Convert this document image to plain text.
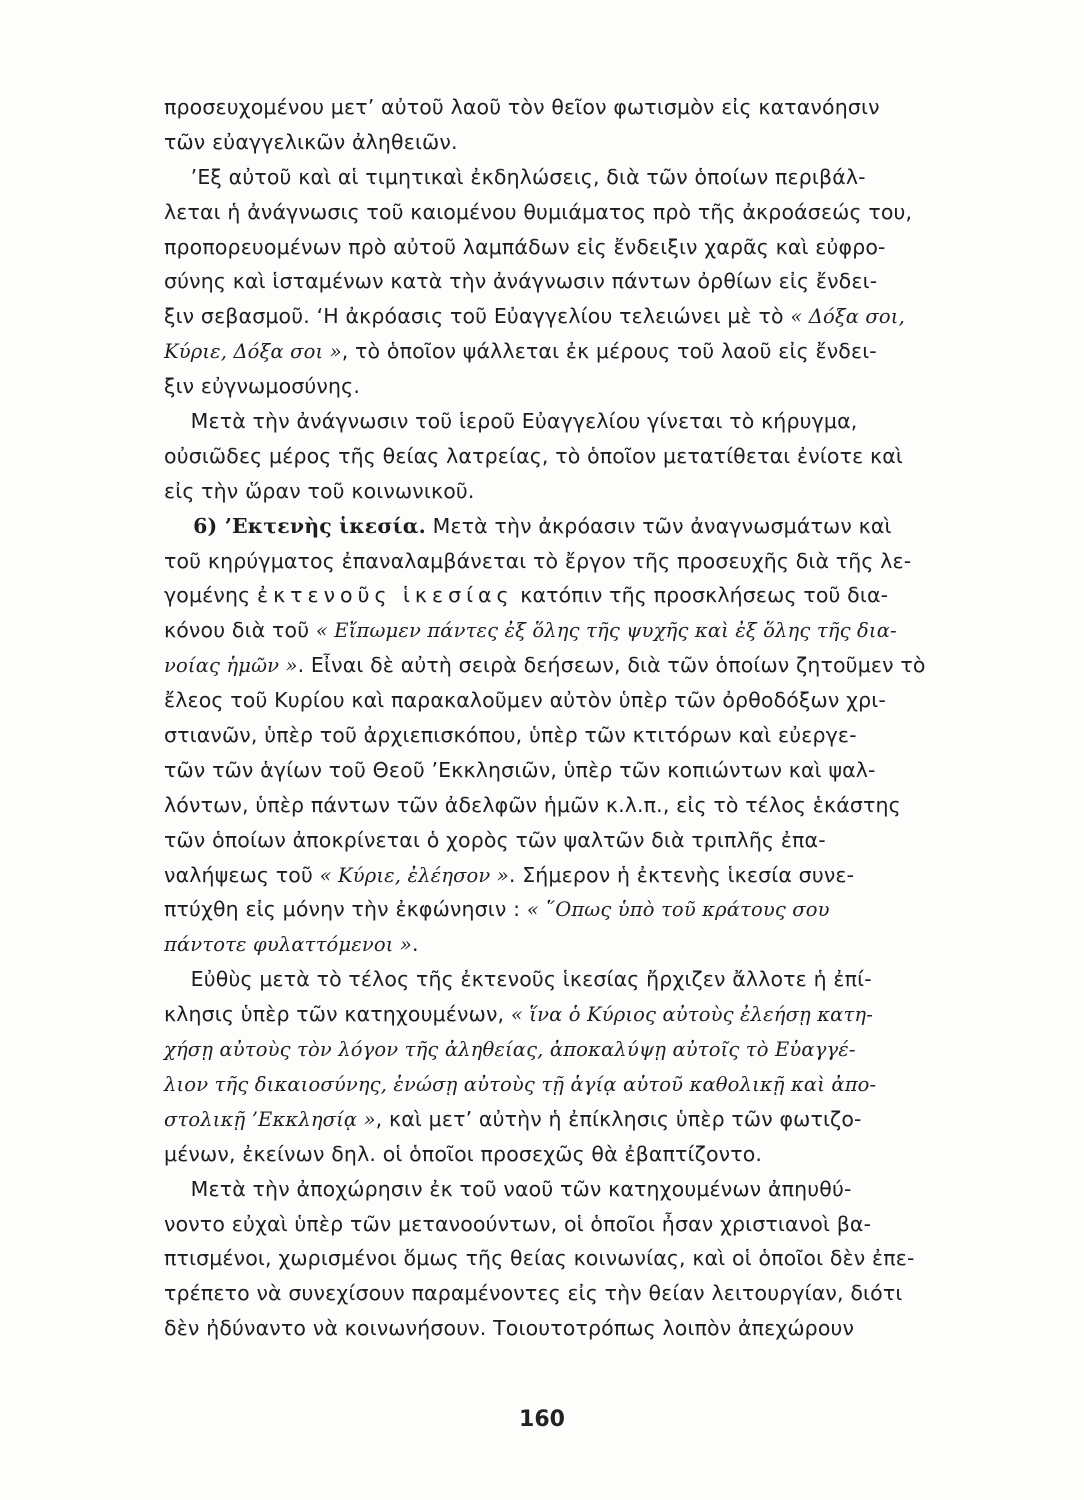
προσευχομένου μετ’ αὐτοῦ λαοῦ τὸν θεῖον φωτισμὸν εἰς κατανόησιν
τῶν εὐαγγελικῶν ἀληθειῶν.
’Εξ αὐτοῦ καὶ αἱ τιμητικαὶ ἐκδηλώσεις, διὰ τῶν ὁποίων περιβάλ-
λεται ἡ ἀνάγνωσις τοῦ καιομένου θυμιάματος πρὸ τῆς ἀκροάσεώς του,
προπορευομένων πρὸ αὐτοῦ λαμπάδων εἰς ἔνδειξιν χαρᾶς καὶ εὐφρο-
σύνης καὶ ἱσταμένων κατὰ τὴν ἀνάγνωσιν πάντων ὀρθίων εἰς ἔνδει-
ξιν σεβασμοῦ. ‘Η ἀκρόασις τοῦ Εὐαγγελίου τελειώνει μὲ τὸ « Δόξα σοι,
Κύριε, Δόξα σοι », τὸ ὁποῖον ψάλλεται ἐκ μέρους τοῦ λαοῦ εἰς ἔνδει-
ξιν εὐγνωμοσύνης.
Μετὰ τὴν ἀνάγνωσιν τοῦ ἱεροῦ Εὐαγγελίου γίνεται τὸ κήρυγμα,
οὐσιῶδες μέρος τῆς θείας λατρείας, τὸ ὁποῖον μετατίθεται ἐνίοτε καὶ
εἰς τὴν ὥραν τοῦ κοινωνικοῦ.
6) ’Εκτενὴς ἱκεσία. Μετὰ τὴν ἀκρόασιν τῶν ἀναγνωσμάτων καὶ
τοῦ κηρύγματος ἐπαναλαμβάνεται τὸ ἔργον τῆς προσευχῆς διὰ τῆς λε-
γομένης ἐκτενοῦς ἱκεσίας κατόπιν τῆς προσκλήσεως τοῦ δια-
κόνου διὰ τοῦ « Εἴπωμεν πάντες ἐξ ὅλης τῆς ψυχῆς καὶ ἐξ ὅλης τῆς δια-
νοίας ἡμῶν ». Εἶναι δὲ αὐτὴ σειρὰ δεήσεων, διὰ τῶν ὁποίων ζητοῦμεν τὸ
ἔλεος τοῦ Κυρίου καὶ παρακαλοῦμεν αὐτὸν ὑπὲρ τῶν ὀρθοδόξων χρι-
στιανῶν, ὑπὲρ τοῦ ἀρχιεπισκόπου, ὑπὲρ τῶν κτιτόρων καὶ εὐεργε-
τῶν τῶν ἁγίων τοῦ Θεοῦ ’Εκκλησιῶν, ὑπὲρ τῶν κοπιώντων καὶ ψαλ-
λόντων, ὑπὲρ πάντων τῶν ἀδελφῶν ἡμῶν κ.λ.π., εἰς τὸ τέλος ἑκάστης
τῶν ὁποίων ἀποκρίνεται ὁ χορὸς τῶν ψαλτῶν διὰ τριπλῆς ἐπα-
ναλήψεως τοῦ « Κύριε, ἐλέησον ». Σήμερον ἡ ἐκτενὴς ἱκεσία συνε-
πτύχθη εἰς μόνην τὴν ἐκφώνησιν : « ῞Οπως ὑπὸ τοῦ κράτους σου
πάντοτε φυλαττόμενοι ».
Εὐθὺς μετὰ τὸ τέλος τῆς ἐκτενοῦς ἱκεσίας ἤρχιζεν ἄλλοτε ἡ ἐπί-
κλησις ὑπὲρ τῶν κατηχουμένων, « ἵνα ὁ Κύριος αὐτοὺς ἐλεήσῃ κατη-
χήσῃ αὐτοὺς τὸν λόγον τῆς ἀληθείας, ἀποκαλύψῃ αὐτοῖς τὸ Εὐαγγέ-
λιον τῆς δικαιοσύνης, ἑνώσῃ αὐτοὺς τῇ ἁγίᾳ αὐτοῦ καθολικῇ καὶ ἀπο-
στολικῇ ’Εκκλησίᾳ », καὶ μετ’ αὐτὴν ἡ ἐπίκλησις ὑπὲρ τῶν φωτιζο-
μένων, ἐκείνων δηλ. οἱ ὁποῖοι προσεχῶς θὰ ἐβαπτίζοντο.
Μετὰ τὴν ἀποχώρησιν ἐκ τοῦ ναοῦ τῶν κατηχουμένων ἀπηυθύ-
νοντο εὐχαὶ ὑπὲρ τῶν μετανοούντων, οἱ ὁποῖοι ἦσαν χριστιανοὶ βα-
πτισμένοι, χωρισμένοι ὅμως τῆς θείας κοινωνίας, καὶ οἱ ὁποῖοι δὲν ἐπε-
τρέπετο νὰ συνεχίσουν παραμένοντες εἰς τὴν θείαν λειτουργίαν, διότι
δὲν ἠδύναντο νὰ κοινωνήσουν. Τοιουτοτρόπως λοιπὸν ἀπεχώρουν
160
